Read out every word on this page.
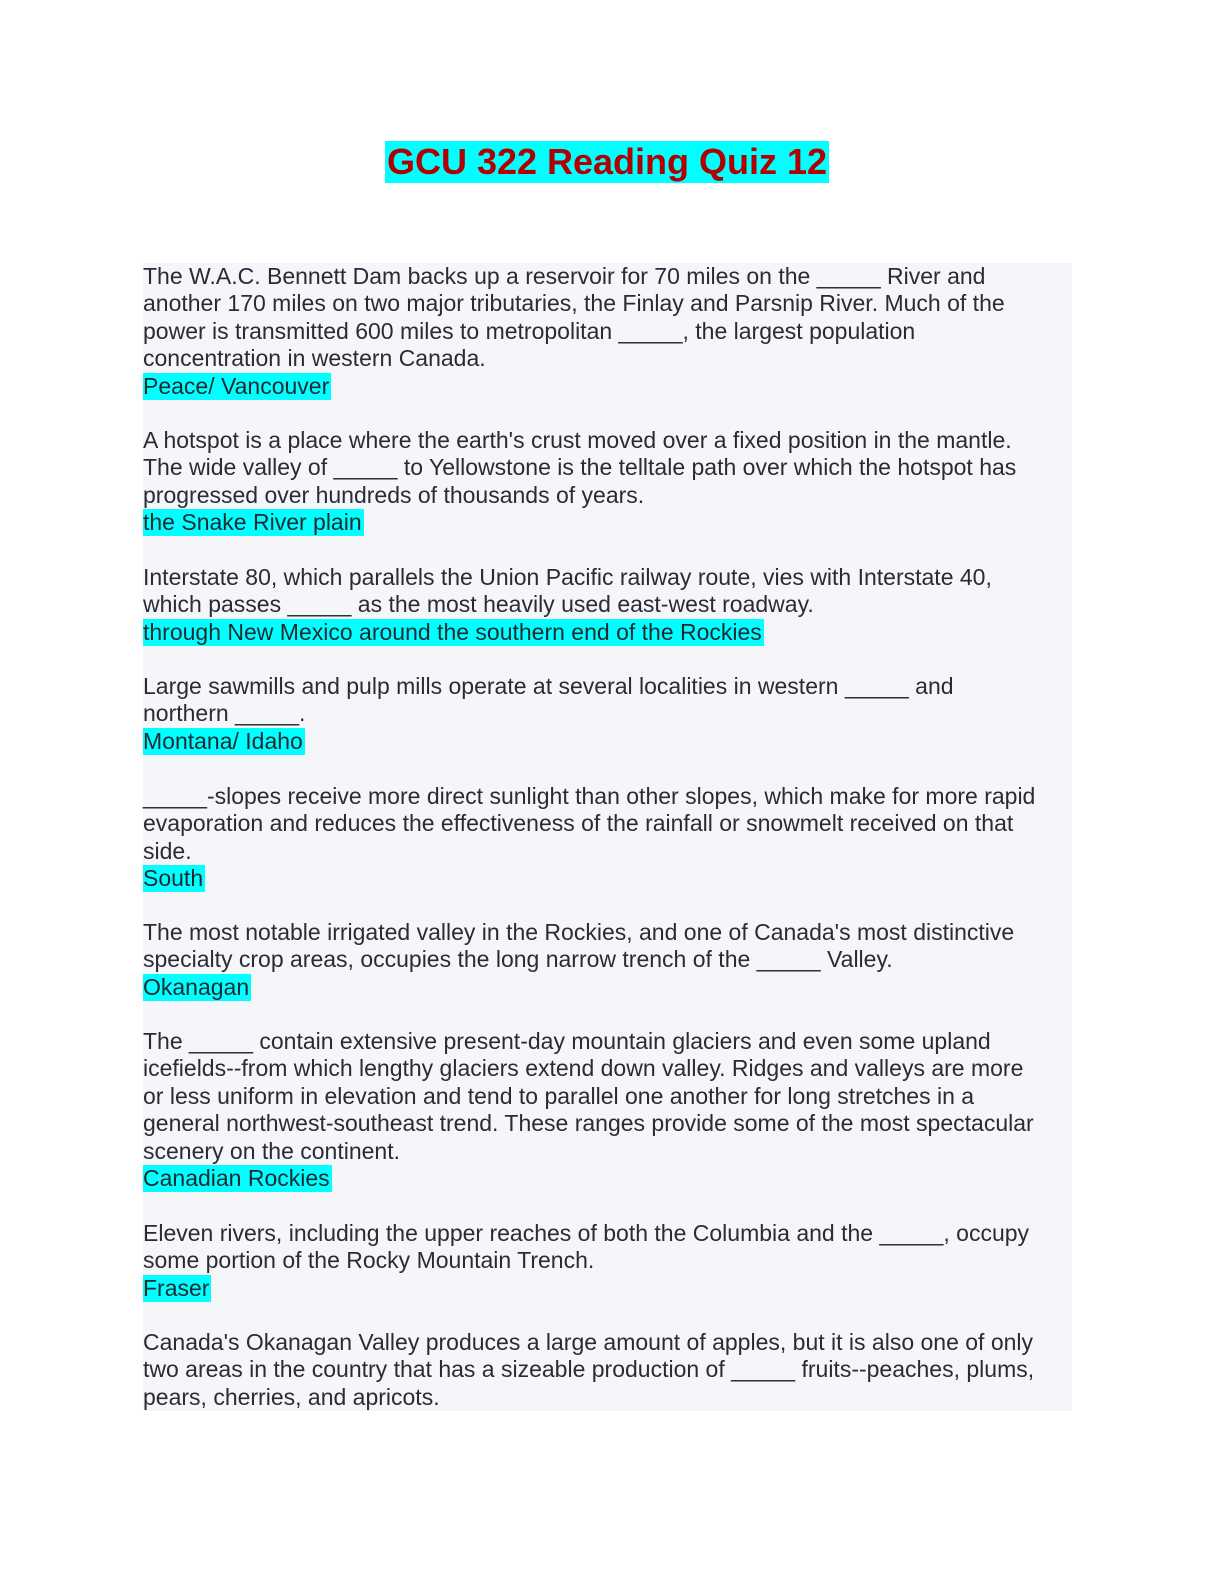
GCU 322 Reading Quiz 12

The W.A.C. Bennett Dam backs up a reservoir for 70 miles on the _____ River and
another 170 miles on two major tributaries, the Finlay and Parsnip River. Much of the
power is transmitted 600 miles to metropolitan _____, the largest population
concentration in western Canada.

Peace/ Vancouver

A hotspot is a place where the earth's crust moved over a fixed position in the mantle.
The wide valley of _____ to Yellowstone is the telltale path over which the hotspot has
progressed over hundreds of thousands of years.

the Snake River plain

Interstate 80, which parallels the Union Pacific railway route, vies with Interstate 40,
which passes _____ as the most heavily used east-west roadway.

through New Mexico around the southern end of the Rockies

Large sawmills and pulp mills operate at several localities in western _____ and
northern _____.

Montana/ Idaho

_____-slopes receive more direct sunlight than other slopes, which make for more rapid
evaporation and reduces the effectiveness of the rainfall or snowmelt received on that
side.

South

The most notable irrigated valley in the Rockies, and one of Canada's most distinctive
specialty crop areas, occupies the long narrow trench of the _____ Valley.

Okanagan

The _____ contain extensive present-day mountain glaciers and even some upland
icefields--from which lengthy glaciers extend down valley. Ridges and valleys are more
or less uniform in elevation and tend to parallel one another for long stretches in a
general northwest-southeast trend. These ranges provide some of the most spectacular
scenery on the continent.

Canadian Rockies

Eleven rivers, including the upper reaches of both the Columbia and the _____, occupy
some portion of the Rocky Mountain Trench.

Fraser

Canada's Okanagan Valley produces a large amount of apples, but it is also one of only
two areas in the country that has a sizeable production of _____ fruits--peaches, plums,
pears, cherries, and apricots.
